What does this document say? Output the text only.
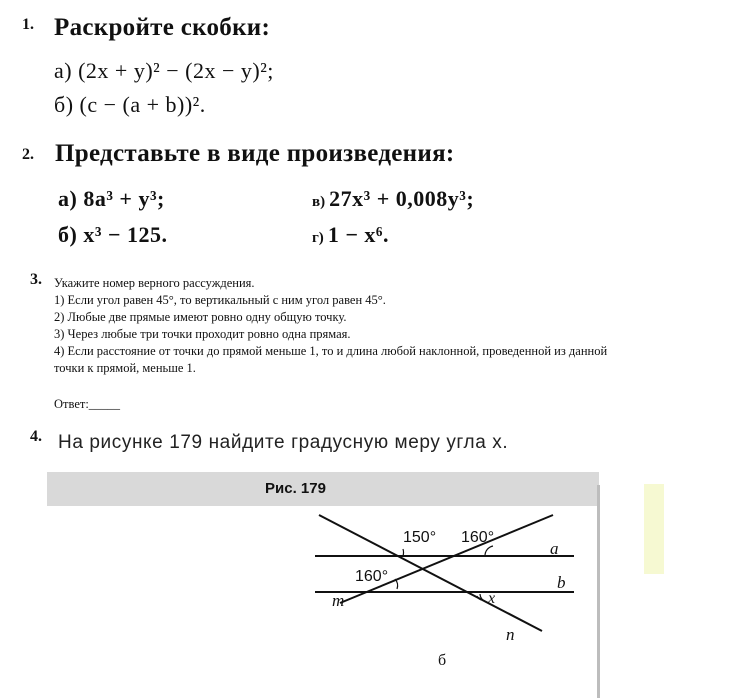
1. Раскройте скобки:
а) (2x + y)² − (2x − y)²;
б) (c − (a + b))².
2. Представьте в виде произведения:
а) 8a³ + y³;
б) x³ − 125.
в) 27x³ + 0,008y³;
г) 1 − x⁶.
3. Укажите номер верного рассуждения.
1) Если угол равен 45°, то вертикальный с ним угол равен 45°.
2) Любые две прямые имеют ровно одну общую точку.
3) Через любые три точки проходит ровно одна прямая.
4) Если расстояние от точки до прямой меньше 1, то и длина любой наклонной, проведенной из данной
точки к прямой, меньше 1.
Ответ:_____
4. На рисунке 179 найдите градусную меру угла x.
Рис. 179
150° 160°
160°
a
b
m
n
x
б
